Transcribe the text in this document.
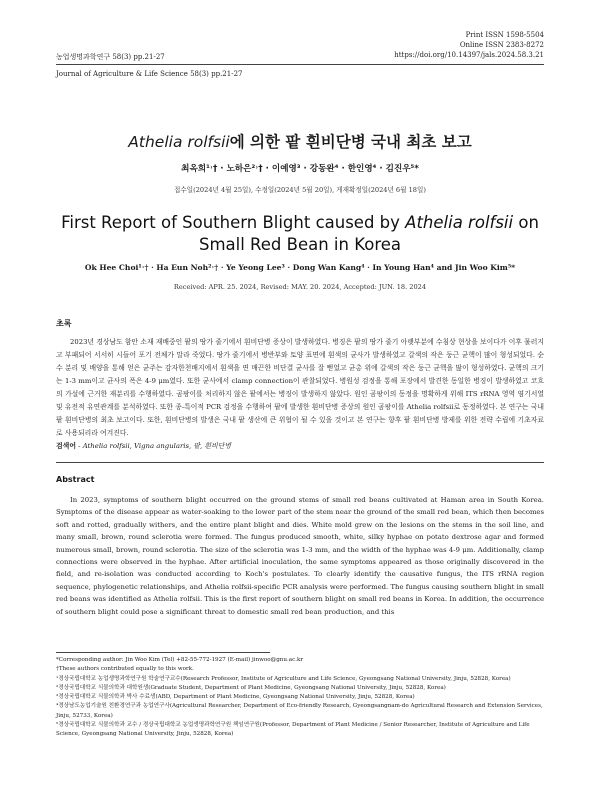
Print ISSN 1598-5504
Online ISSN 2383-8272
https://doi.org/10.14397/jals.2024.58.3.21
농업생명과학연구 58(3) pp.21-27
Journal of Agriculture & Life Science 58(3) pp.21-27
Athelia rolfsii에 의한 팥 흰비단병 국내 최초 보고
최옥희¹˒† · 노하은²˒† · 이예영³ · 강동완⁴ · 한인영⁴ · 김진우⁵*
접수일(2024년 4월 25일), 수정일(2024년 5월 20일), 게재확정일(2024년 6월 18일)
First Report of Southern Blight caused by Athelia rolfsii on Small Red Bean in Korea
Ok Hee Choi¹˒† · Ha Eun Noh²˒† · Ye Yeong Lee³ · Dong Wan Kang⁴ · In Young Han⁴ and Jin Woo Kim⁵*
Received: APR. 25. 2024, Revised: MAY. 20. 2024, Accepted: JUN. 18. 2024
초록

2023년 경상남도 함안 소재 재배중인 팥의 땅가 줄기에서 흰비단병 증상이 발생하였다. 병징은 팥의 땅가 줄기 아랫부분에 수침상 현상을 보이다가 이후 물러지고 부패되어 서서히 시들어 포기 전체가 말라 죽었다. 땅가 줄기에서 병반부와 토양 표면에 흰색의 균사가 발생하였고 갈색의 작은 둥근 균핵이 많이 형성되었다. 순수 분리 및 배양을 통해 얻은 균주는 감자한천배지에서 흰색을 띤 매끈한 비단결 균사를 잘 뻗었고 균총 위에 갈색의 작은 둥근 균핵을 많이 형성하였다. 균핵의 크기는 1-3 mm이고 균사의 폭은 4-9 μm였다. 또한 균사에서 clamp connection이 관찰되었다. 병원성 검정을 통해 포장에서 발견한 동일한 병징이 발생하였고 코흐의 가설에 근거한 재분리를 수행하였다. 곰팡이를 처리하지 않은 팥에서는 병징이 발생하지 않았다. 원인 곰팡이의 동정을 명확하게 위해 ITS rRNA 영역 염기서열 및 유전적 유연관계를 분석하였다. 또한 종-특이적 PCR 검정을 수행하여 팥에 발생한 흰비단병 증상의 원인 곰팡이를 Athelia rolfsii로 동정하였다. 본 연구는 국내 팥 흰비단병의 최초 보고이다. 또한, 흰비단병의 발생은 국내 팥 생산에 큰 위협이 될 수 있을 것이고 본 연구는 향후 팥 흰비단병 방제를 위한 전략 수립에 기초자료로 사용되리라 여겨진다.

검색어 - Athelia rolfsii, Vigna angularis, 팥, 흰비단병
Abstract

In 2023, symptoms of southern blight occurred on the ground stems of small red beans cultivated at Haman area in South Korea. Symptoms of the disease appear as water-soaking to the lower part of the stem near the ground of the small red bean, which then becomes soft and rotted, gradually withers, and the entire plant blight and dies. White mold grew on the lesions on the stems in the soil line, and many small, brown, round sclerotia were formed. The fungus produced smooth, white, silky hyphae on potato dextrose agar and formed numerous small, brown, round sclerotia. The size of the sclerotia was 1-3 mm, and the width of the hyphae was 4-9 μm. Additionally, clamp connections were observed in the hyphae. After artificial inoculation, the same symptoms appeared as those originally discovered in the field, and re-isolation was conducted according to Koch's postulates. To clearly identify the causative fungus, the ITS rRNA region sequence, phylogenetic relationships, and Athelia rolfsii-specific PCR analysis were performed. The fungus causing southern blight in small red beans was identified as Athelia rolfsii. This is the first report of southern blight on small red beans in Korea. In addition, the occurrence of southern blight could pose a significant threat to domestic small red bean production, and this

*Corresponding author: Jin Woo Kim (Tel) +82-55-772-1927 (E-mail) jinwoo@gnu.ac.kr
†These authors contributed equally to this work.
¹경상국립대학교 농업생명과학연구원 학술연구교수(Research Professor, Institute of Agriculture and Life Science, Gyeongsang National University, Jinju, 52828, Korea)
²경상국립대학교 식물의학과 대학원생(Graduate Student, Department of Plant Medicine, Gyeongsang National University, Jinju, 52828, Korea)
³경상국립대학교 식물의학과 박사 수료생(ABD, Department of Plant Medicine, Gyeongsang National University, Jinju, 52828, Korea)
⁴경상남도농업기술원 친환경연구과 농업연구사(Agricultural Researcher, Department of Eco-friendly Research, Gyeongsangnam-do Agricultural Research and Extension Services, Jinju, 52733, Korea)
⁵경상국립대학교 식물의학과 교수 / 경상국립대학교 농업생명과학연구원 책임연구원(Professor, Department of Plant Medicine / Senior Researcher, Institute of Agriculture and Life Science, Gyeongsang National University, Jinju, 52828, Korea)
